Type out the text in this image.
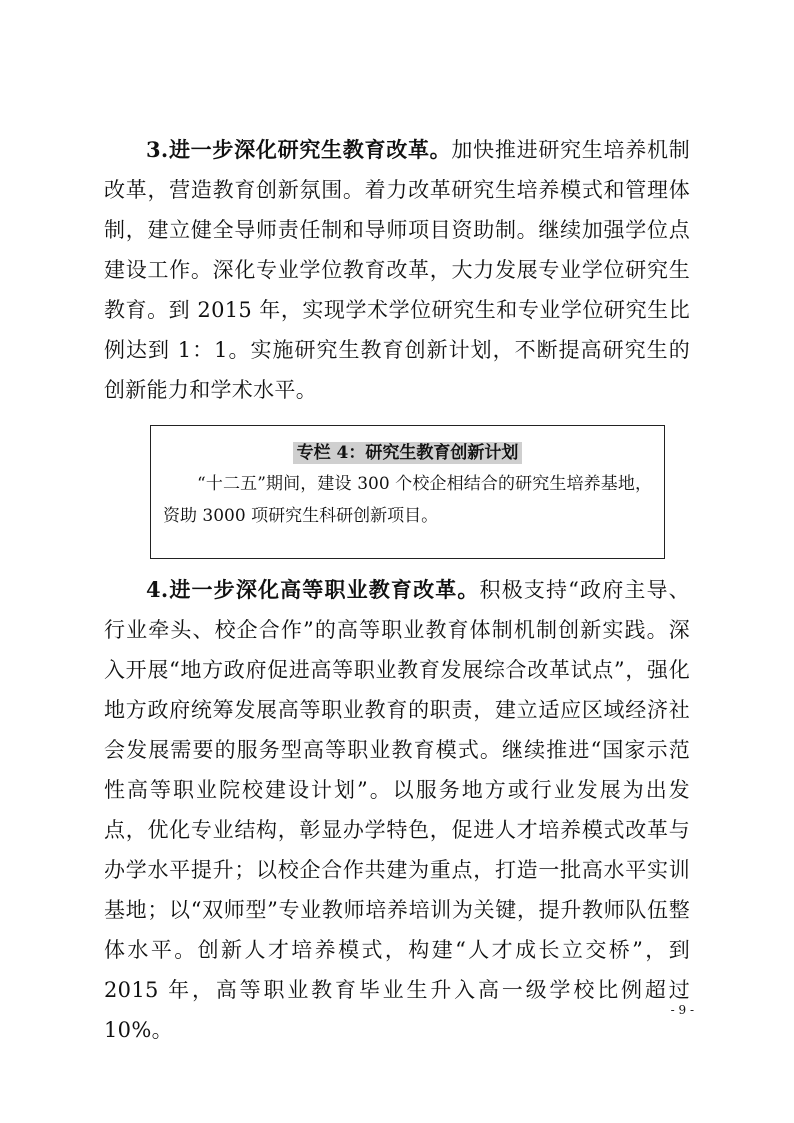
3.进一步深化研究生教育改革。加快推进研究生培养机制改革，营造教育创新氛围。着力改革研究生培养模式和管理体制，建立健全导师责任制和导师项目资助制。继续加强学位点建设工作。深化专业学位教育改革，大力发展专业学位研究生教育。到 2015 年，实现学术学位研究生和专业学位研究生比例达到 1：1。实施研究生教育创新计划，不断提高研究生的创新能力和学术水平。

专栏 4：研究生教育创新计划

“十二五”期间，建设 300 个校企相结合的研究生培养基地，资助 3000 项研究生科研创新项目。

4.进一步深化高等职业教育改革。积极支持“政府主导、行业牵头、校企合作”的高等职业教育体制机制创新实践。深入开展“地方政府促进高等职业教育发展综合改革试点”，强化地方政府统筹发展高等职业教育的职责，建立适应区域经济社会发展需要的服务型高等职业教育模式。继续推进“国家示范性高等职业院校建设计划”。以服务地方或行业发展为出发点，优化专业结构，彰显办学特色，促进人才培养模式改革与办学水平提升；以校企合作共建为重点，打造一批高水平实训基地；以“双师型”专业教师培养培训为关键，提升教师队伍整体水平。创新人才培养模式，构建“人才成长立交桥”，到 2015 年，高等职业教育毕业生升入高一级学校比例超过 10%。

- 9 -
